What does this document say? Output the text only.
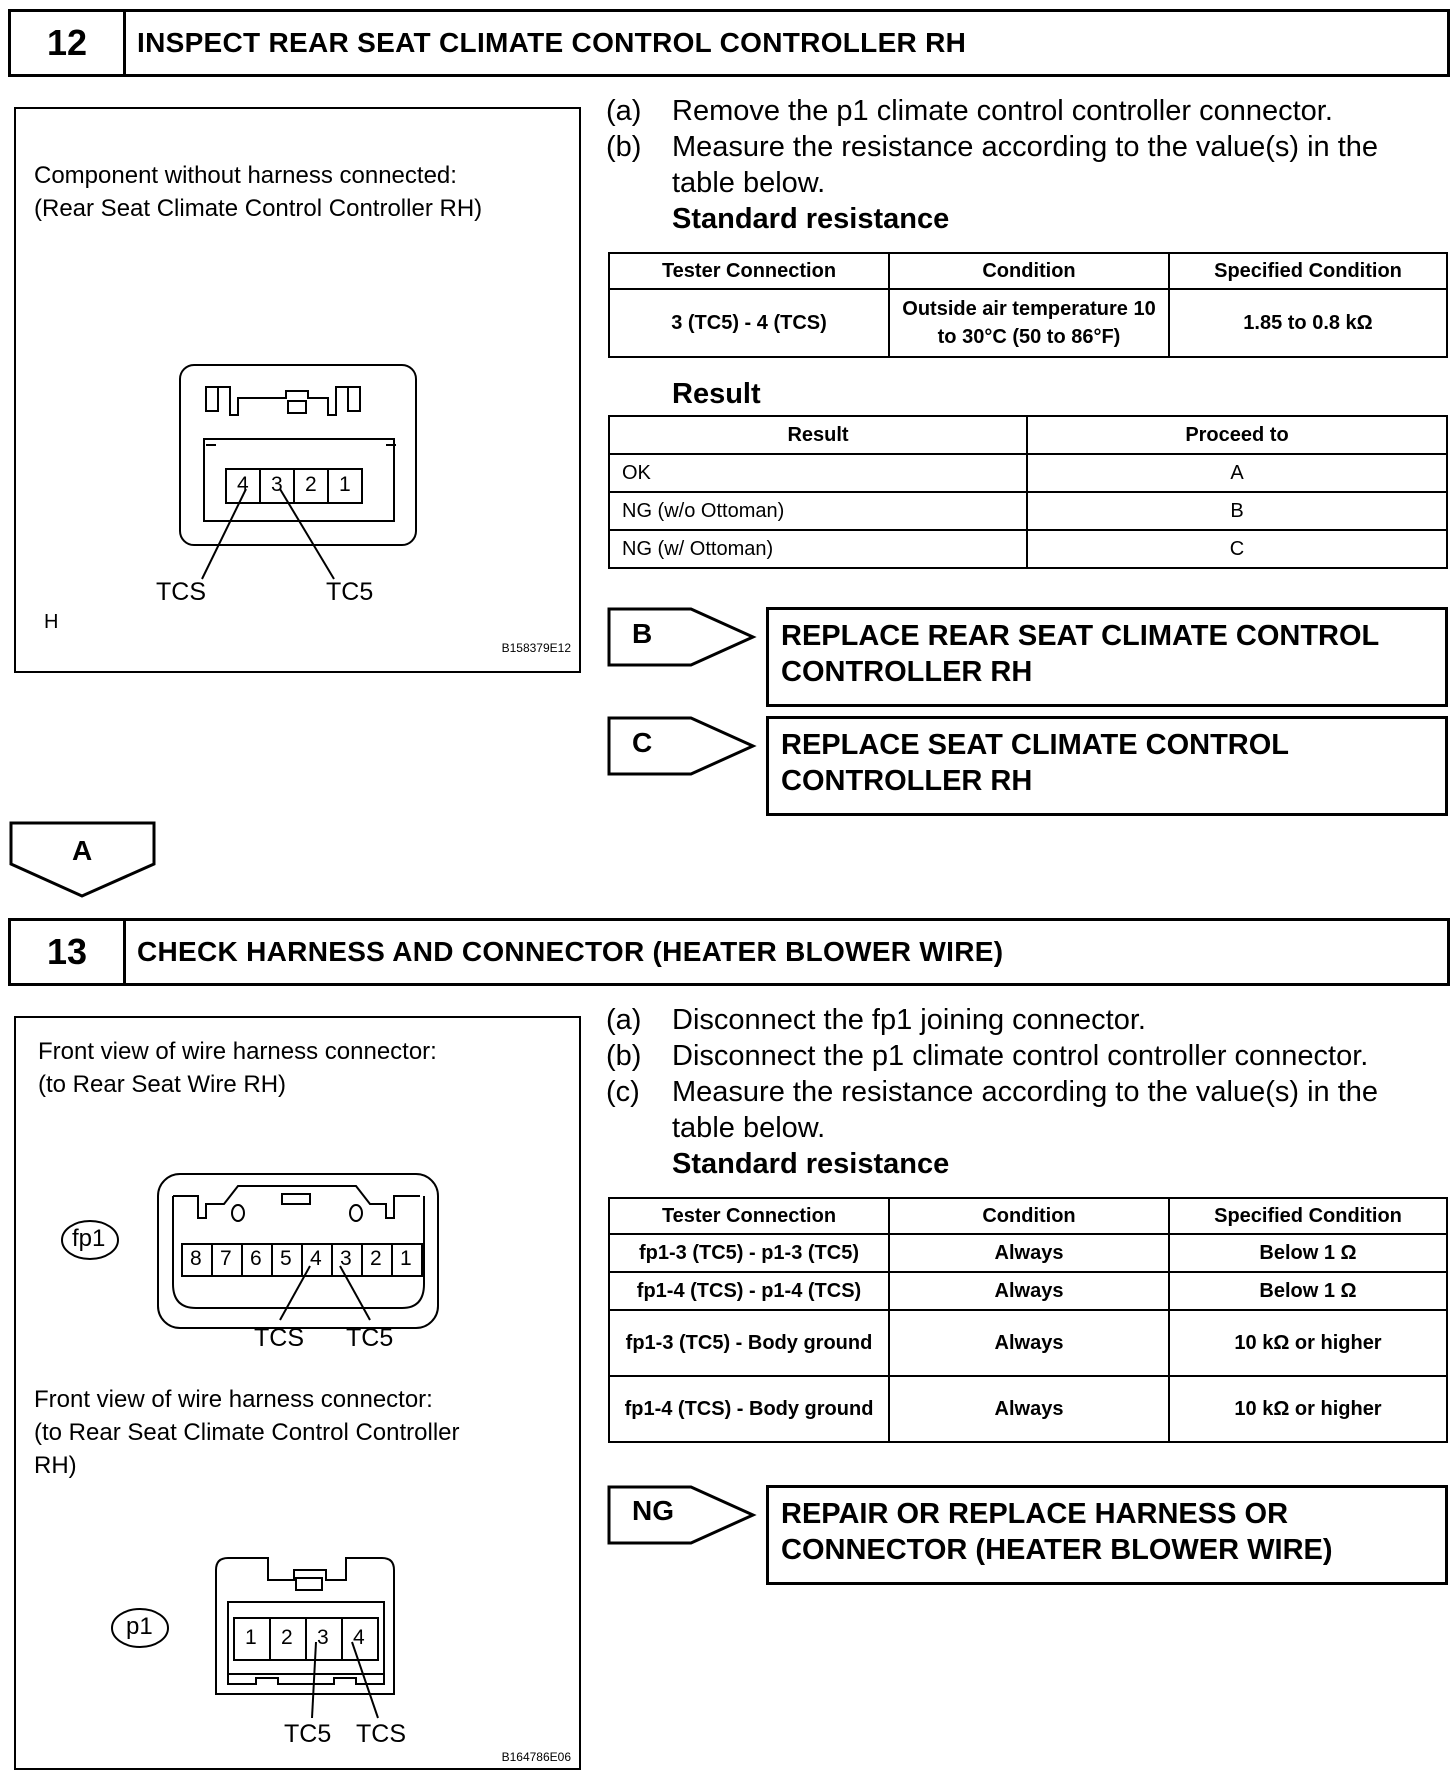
12	INSPECT REAR SEAT CLIMATE CONTROL CONTROLLER RH
Component without harness connected:
(Rear Seat Climate Control Controller RH)
4 3 2 1
TCS	TC5
H
B158379E12
(a)	Remove the p1 climate control controller connector.
(b)	Measure the resistance according to the value(s) in the table below.
Standard resistance
Tester Connection	Condition	Specified Condition
3 (TC5) - 4 (TCS)	Outside air temperature 10 to 30°C (50 to 86°F)	1.85 to 0.8 kΩ
Result
Result	Proceed to
OK	A
NG (w/o Ottoman)	B
NG (w/ Ottoman)	C
B	REPLACE REAR SEAT CLIMATE CONTROL CONTROLLER RH
C	REPLACE SEAT CLIMATE CONTROL CONTROLLER RH
A
13	CHECK HARNESS AND CONNECTOR (HEATER BLOWER WIRE)
Front view of wire harness connector:
(to Rear Seat Wire RH)
fp1
8 7 6 5 4 3 2 1
TCS TC5
Front view of wire harness connector:
(to Rear Seat Climate Control Controller
RH)
p1	1 2 3 4
TC5 TCS
B164786E06
(a)	Disconnect the fp1 joining connector.
(b)	Disconnect the p1 climate control controller connector.
(c)	Measure the resistance according to the value(s) in the table below.
Standard resistance
Tester Connection	Condition	Specified Condition
fp1-3 (TC5) - p1-3 (TC5)	Always	Below 1 Ω
fp1-4 (TCS) - p1-4 (TCS)	Always	Below 1 Ω
fp1-3 (TC5) - Body ground	Always	10 kΩ or higher
fp1-4 (TCS) - Body ground	Always	10 kΩ or higher
NG	REPAIR OR REPLACE HARNESS OR CONNECTOR (HEATER BLOWER WIRE)
